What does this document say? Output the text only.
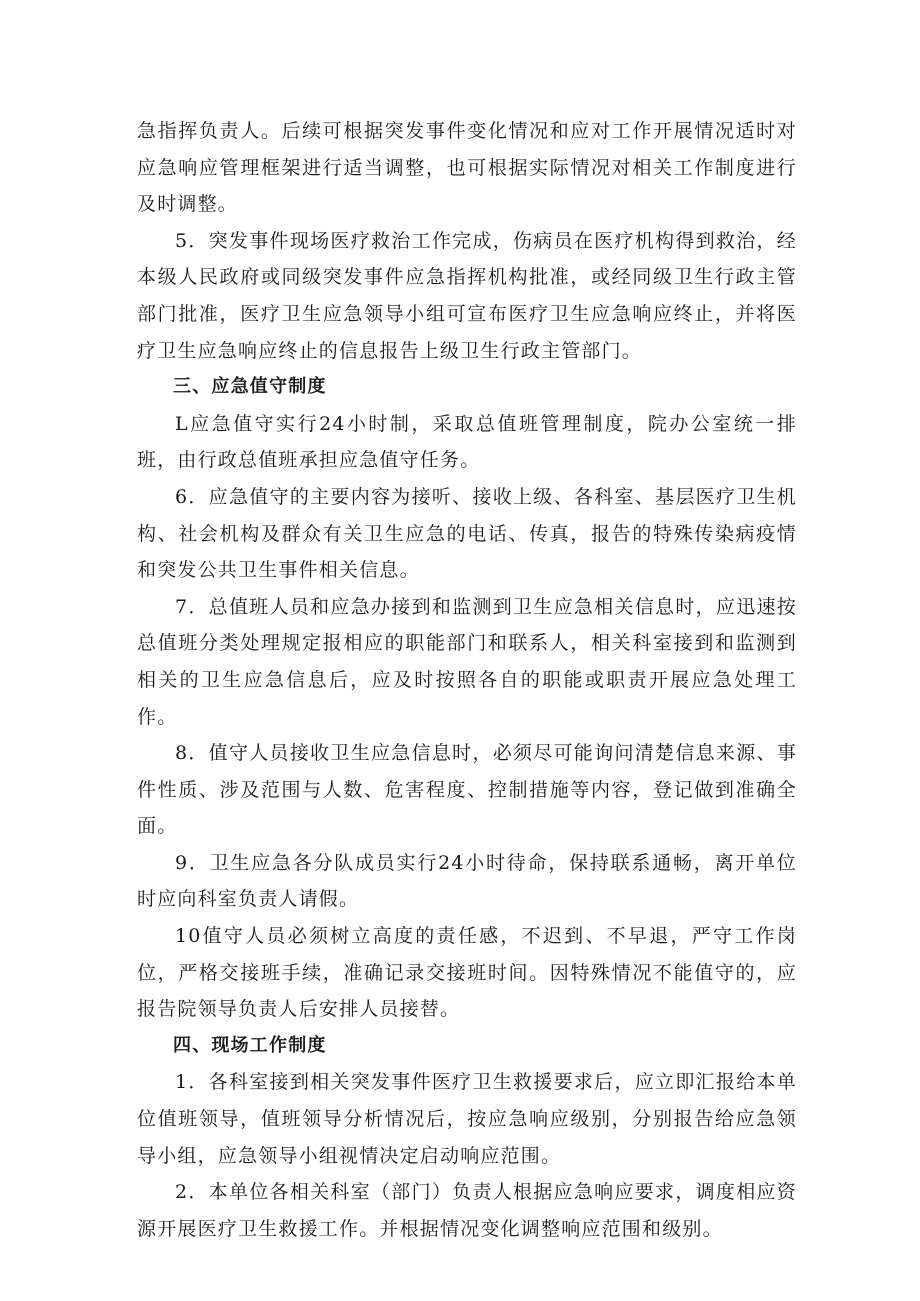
急指挥负责人。后续可根据突发事件变化情况和应对工作开展情况适时对应急响应管理框架进行适当调整，也可根据实际情况对相关工作制度进行及时调整。

5．突发事件现场医疗救治工作完成，伤病员在医疗机构得到救治，经本级人民政府或同级突发事件应急指挥机构批准，或经同级卫生行政主管部门批准，医疗卫生应急领导小组可宣布医疗卫生应急响应终止，并将医疗卫生应急响应终止的信息报告上级卫生行政主管部门。

三、应急值守制度

L应急值守实行24小时制，采取总值班管理制度，院办公室统一排班，由行政总值班承担应急值守任务。

6．应急值守的主要内容为接听、接收上级、各科室、基层医疗卫生机构、社会机构及群众有关卫生应急的电话、传真，报告的特殊传染病疫情和突发公共卫生事件相关信息。

7．总值班人员和应急办接到和监测到卫生应急相关信息时，应迅速按总值班分类处理规定报相应的职能部门和联系人，相关科室接到和监测到相关的卫生应急信息后，应及时按照各自的职能或职责开展应急处理工作。

8．值守人员接收卫生应急信息时，必须尽可能询问清楚信息来源、事件性质、涉及范围与人数、危害程度、控制措施等内容，登记做到准确全面。

9．卫生应急各分队成员实行24小时待命，保持联系通畅，离开单位时应向科室负责人请假。

10值守人员必须树立高度的责任感，不迟到、不早退，严守工作岗位，严格交接班手续，准确记录交接班时间。因特殊情况不能值守的，应报告院领导负责人后安排人员接替。

四、现场工作制度

1．各科室接到相关突发事件医疗卫生救援要求后，应立即汇报给本单位值班领导，值班领导分析情况后，按应急响应级别，分别报告给应急领导小组，应急领导小组视情决定启动响应范围。

2．本单位各相关科室（部门）负责人根据应急响应要求，调度相应资源开展医疗卫生救援工作。并根据情况变化调整响应范围和级别。
